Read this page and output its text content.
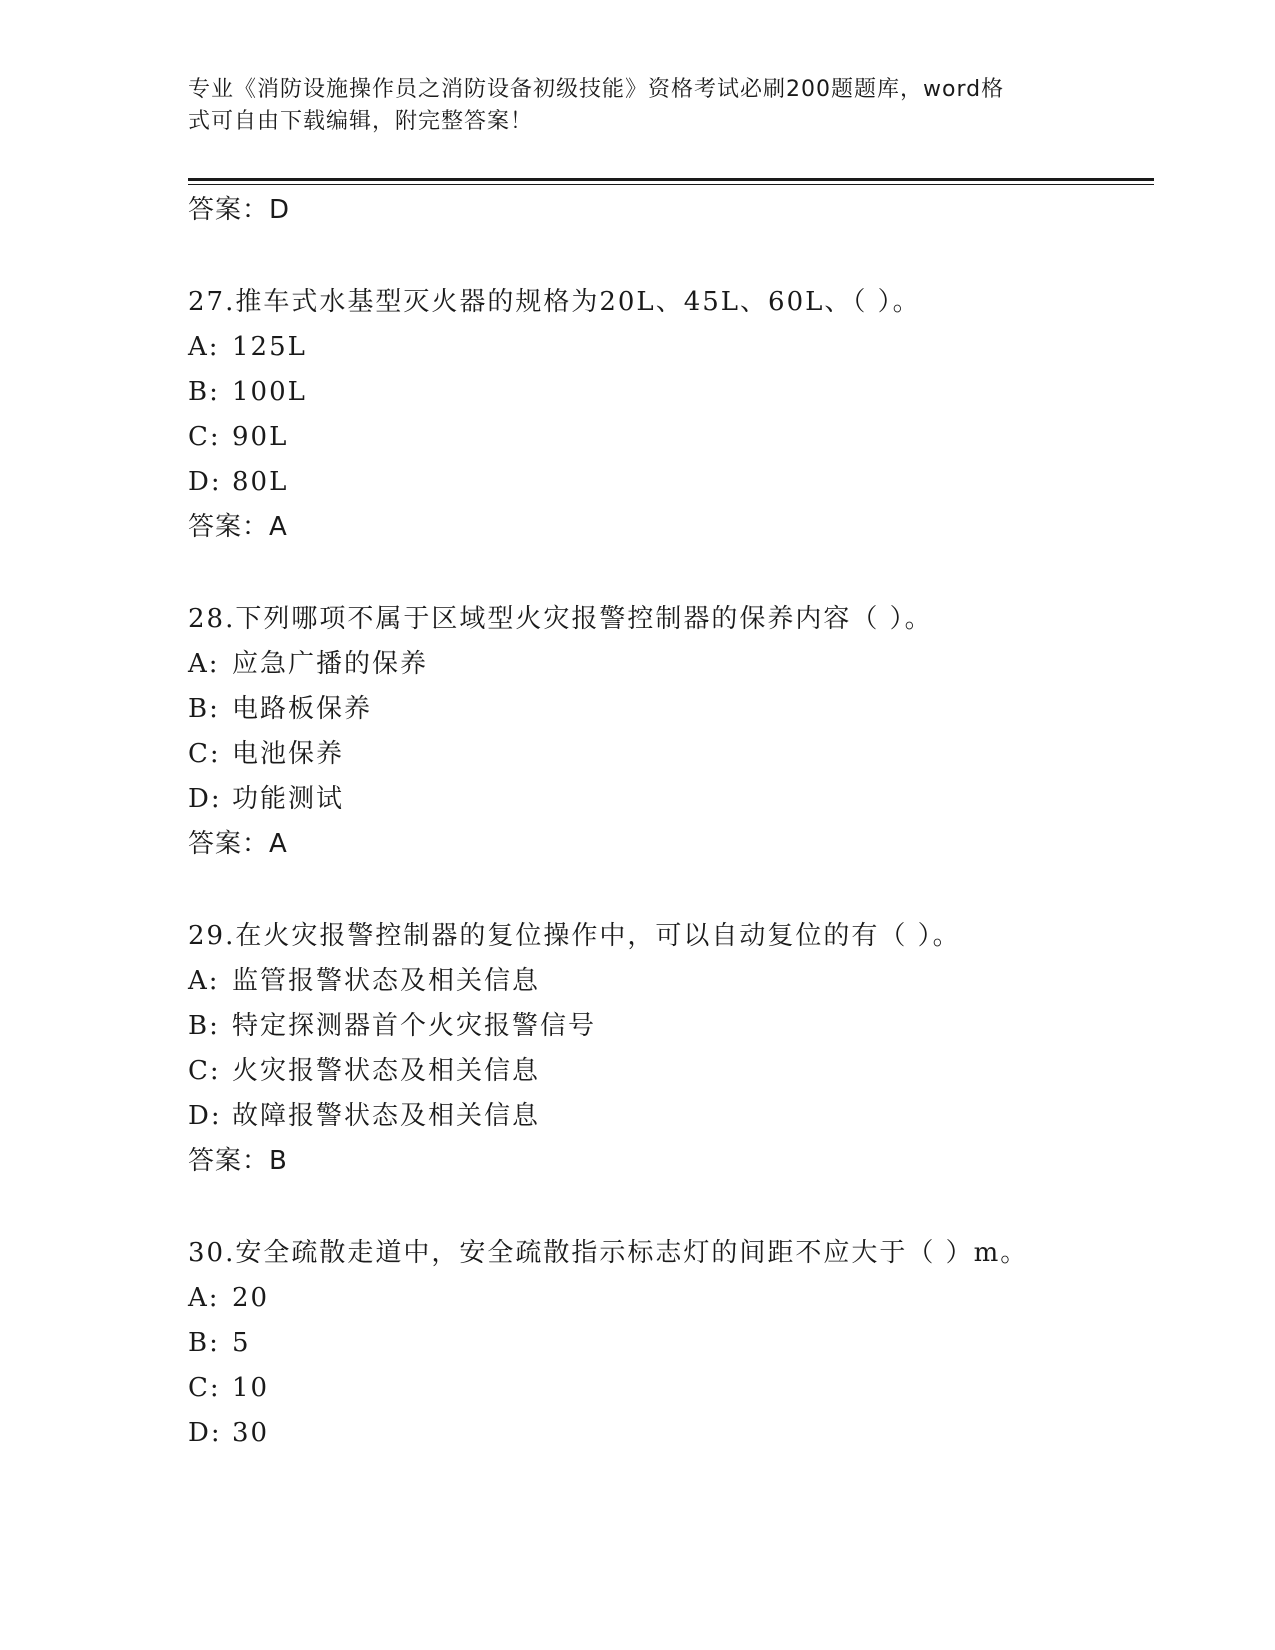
专业《消防设施操作员之消防设备初级技能》资格考试必刷200题题库，word格
式可自由下载编辑，附完整答案！
答案：D
27.推车式水基型灭火器的规格为20L、45L、60L、（ ）。
A: 125L
B: 100L
C: 90L
D: 80L
答案：A
28.下列哪项不属于区域型火灾报警控制器的保养内容（ ）。
A: 应急广播的保养
B: 电路板保养
C: 电池保养
D: 功能测试
答案：A
29.在火灾报警控制器的复位操作中，可以自动复位的有（ ）。
A: 监管报警状态及相关信息
B: 特定探测器首个火灾报警信号
C: 火灾报警状态及相关信息
D: 故障报警状态及相关信息
答案：B
30.安全疏散走道中，安全疏散指示标志灯的间距不应大于（ ）m。
A: 20
B: 5
C: 10
D: 30
